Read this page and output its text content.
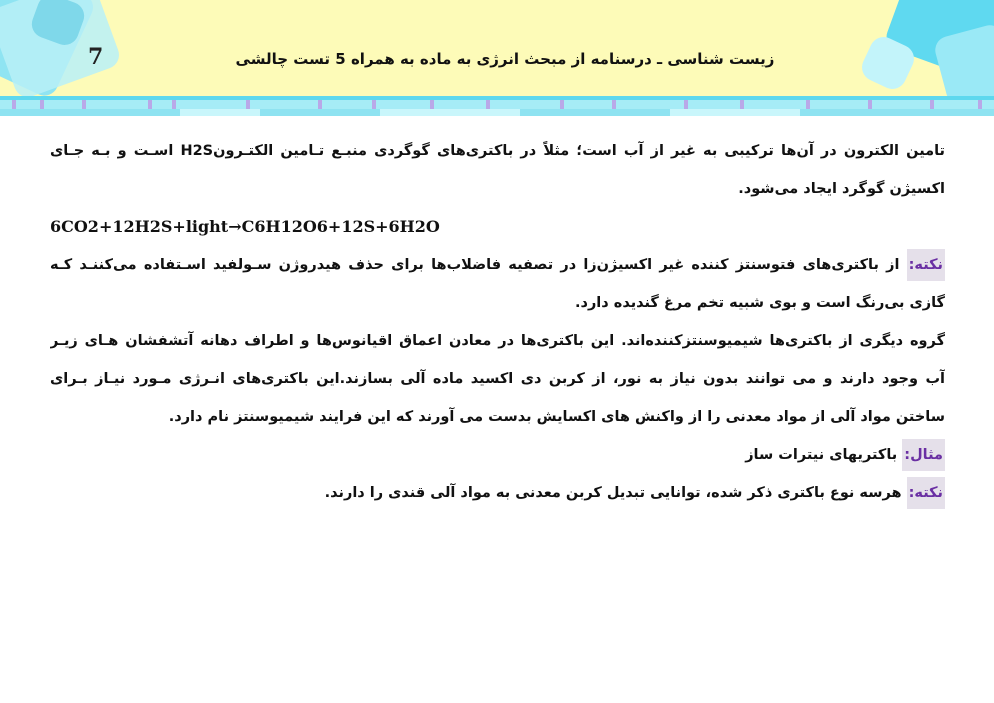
7	زیست شناسی ـ درسنامه از مبحث انرژی به ماده به همراه 5 تست چالشی
تامین الکترون در آن‌ها ترکیبی به غیر از آب است؛ مثلاً در باکتری‌های گوگردی منبـع تـامین الکتـرونH2S اسـت و بـه جـای
اکسیژن گوگرد ایجاد می‌شود.
6CO2+12H2S+light→C6H12O6+12S+6H2O
نکته: از باکتری‌های فتوسنتز کننده غیر اکسیژن‌زا در تصفیه فاضلاب‌ها برای حذف هیدروژن سـولفید اسـتفاده می‌کننـد کـه
گازی بی‌رنگ است و بوی شبیه تخم مرغ گندیده دارد.
گروه دیگری از باکتری‌ها شیمیوسنتزکننده‌اند. این باکتری‌ها در معادن اعماق اقیانوس‌ها و اطراف دهانه آتشفشان هـای زیـر
آب وجود دارند و می توانند بدون نیاز به نور، از کربن دی اکسید ماده آلی بسازند.این باکتری‌های انـرژی مـورد نیـاز بـرای
ساختن مواد آلی از مواد معدنی را از واکنش های اکسایش بدست می آورند که این فرایند شیمیوسنتز نام دارد.
مثال: باکتریهای نیترات ساز
نکته: هرسه نوع باکتری ذکر شده، توانایی تبدیل کربن معدنی به مواد آلی قندی را دارند.
